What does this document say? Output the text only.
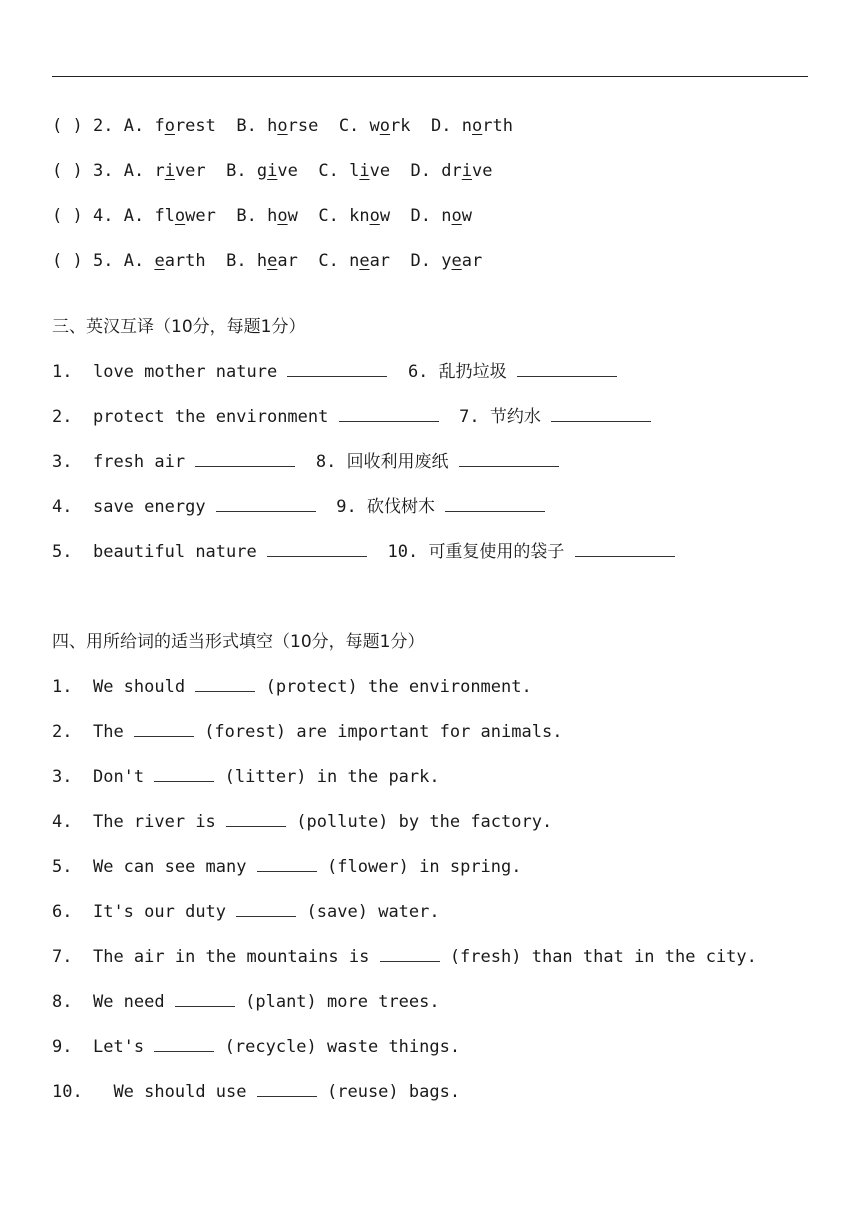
( ) 2. A. forest B. horse C. work D. north

( ) 3. A. river B. give C. live D. drive

( ) 4. A. flower B. how C. know D. now

( ) 5. A. earth B. hear C. near D. year

三、英汉互译（10分，每题1分）
1. love mother nature	6. 乱扔垃圾
2. protect the environment	7. 节约水
3. fresh air	8. 回收利用废纸
4. save energy	9. 砍伐树木
5. beautiful nature	10. 可重复使用的袋子
四、用所给词的适当形式填空（10分，每题1分）
1. We should	(protect) the environment.
2. The	(forest) are important for animals.
3. Don't	(litter) in the park.
4. The river is	(pollute) by the factory.
5. We can see many	(flower) in spring.
6. It's our duty	(save) water.
7. The air in the mountains is	(fresh) than that in the city.
8. We need	(plant) more trees.
9. Let's	(recycle) waste things.
10.   We should use	(reuse) bags.
